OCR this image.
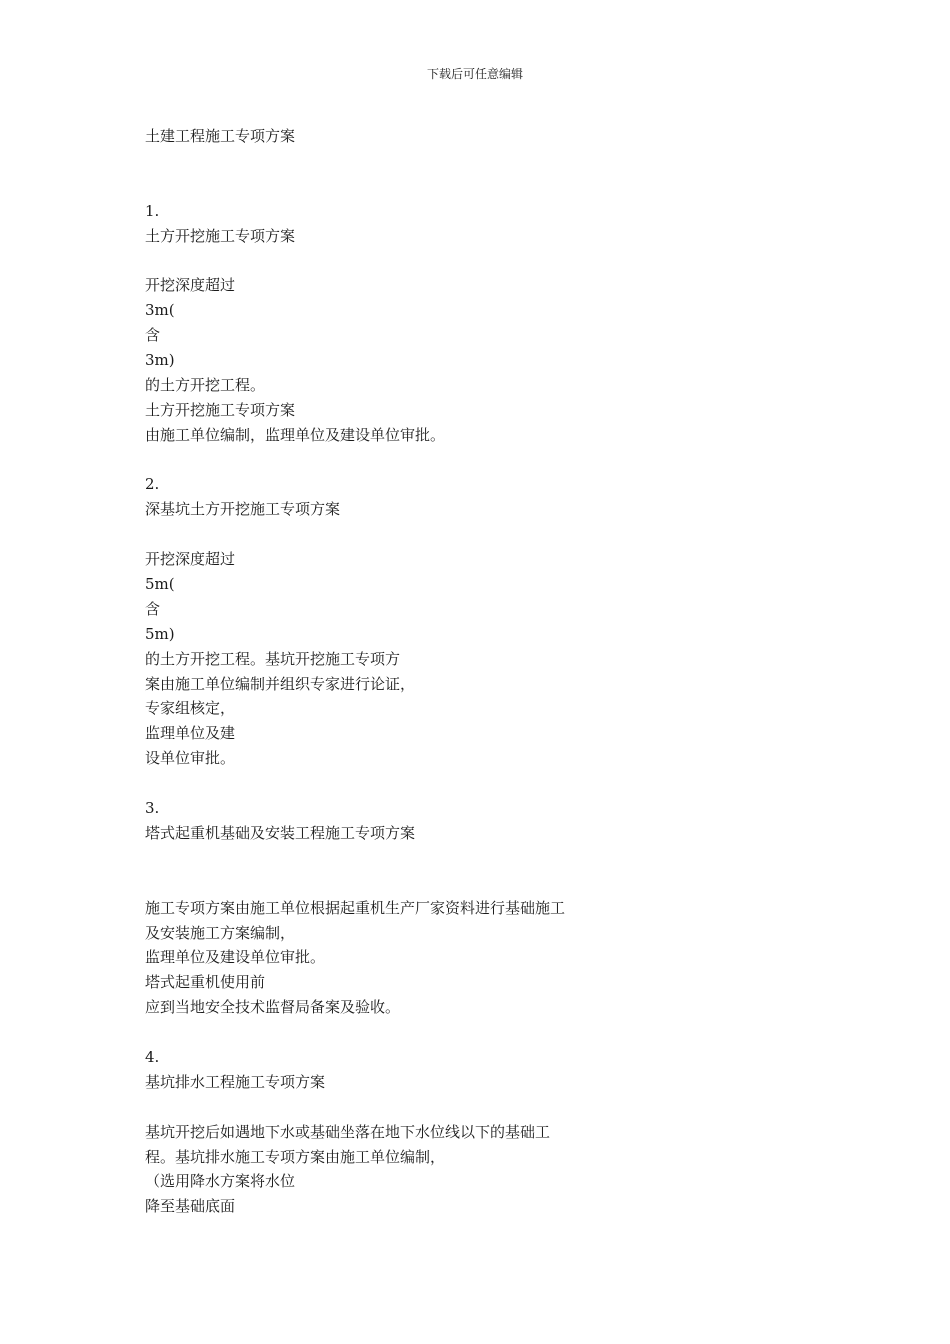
下载后可任意编辑
土建工程施工专项方案
1.
土方开挖施工专项方案
开挖深度超过
3m(
含
3m)
的土方开挖工程。
土方开挖施工专项方案
由施工单位编制，监理单位及建设单位审批。
2.
深基坑土方开挖施工专项方案
开挖深度超过
5m(
含
5m)
的土方开挖工程。基坑开挖施工专项方
案由施工单位编制并组织专家进行论证，
专家组核定，
监理单位及建
设单位审批。
3.
塔式起重机基础及安装工程施工专项方案
施工专项方案由施工单位根据起重机生产厂家资料进行基础施工
及安装施工方案编制，
监理单位及建设单位审批。
塔式起重机使用前
应到当地安全技术监督局备案及验收。
4.
基坑排水工程施工专项方案
基坑开挖后如遇地下水或基础坐落在地下水位线以下的基础工
程。基坑排水施工专项方案由施工单位编制，
（选用降水方案将水位
降至基础底面
